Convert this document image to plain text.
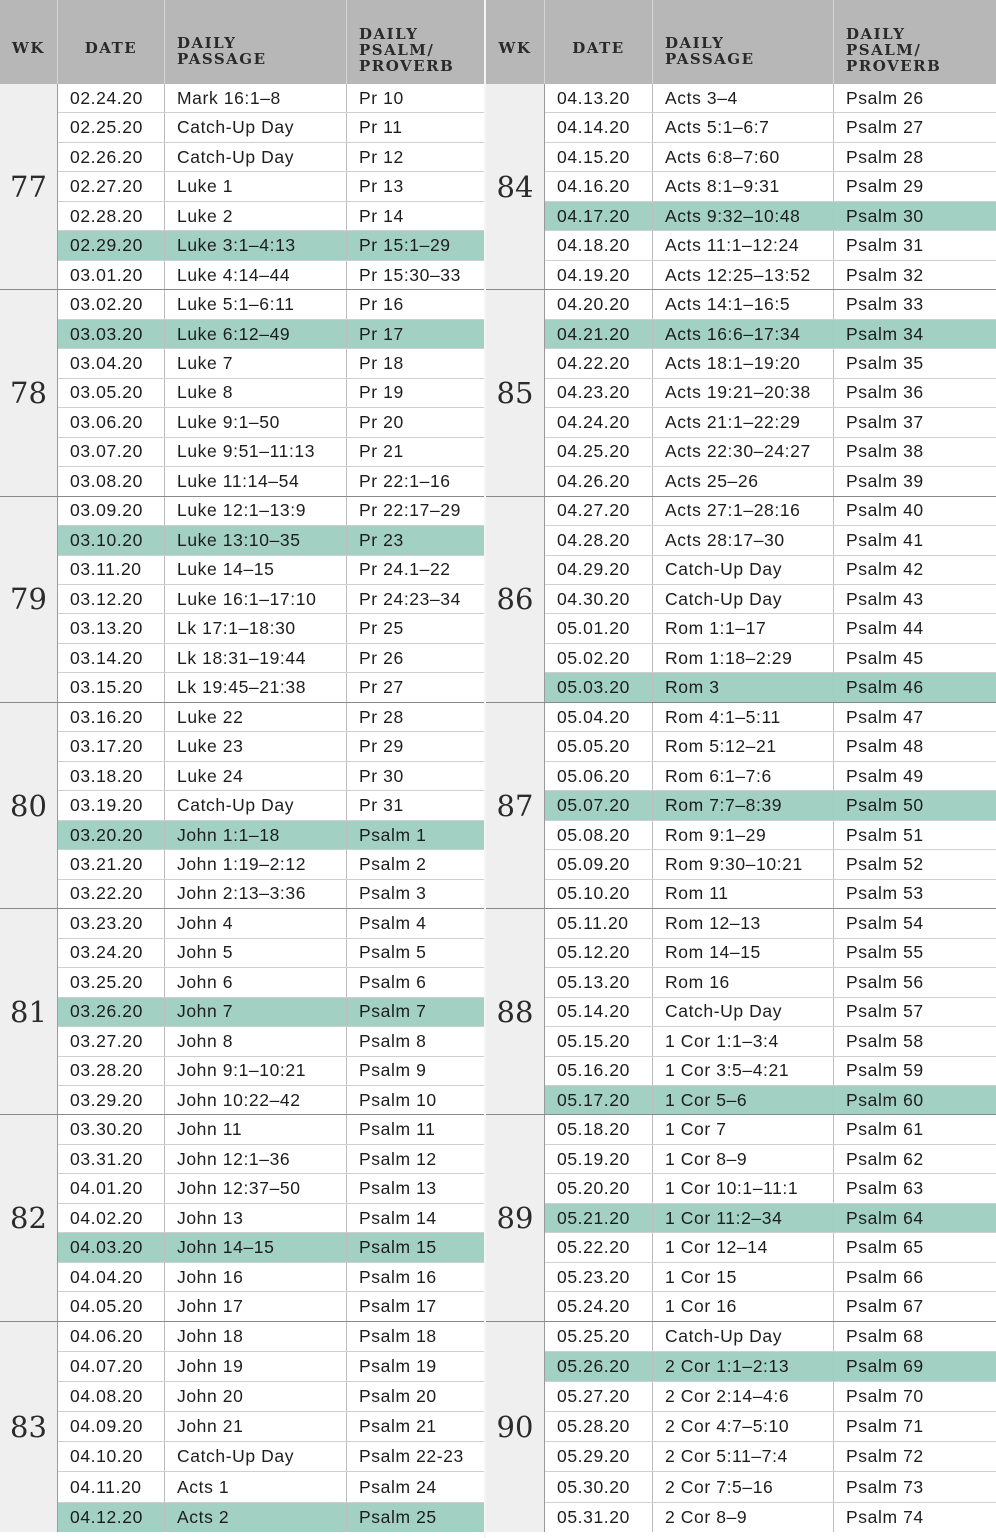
WK	DATE	DAILY
PASSAGE
DAILY
PSALM/
PROVERB
77
02.24.20	Mark 16:1–8	Pr 10
02.25.20	Catch-Up Day	Pr 11
02.26.20	Catch-Up Day	Pr 12
02.27.20	Luke 1	Pr 13
02.28.20	Luke 2	Pr 14
02.29.20	Luke 3:1–4:13	Pr 15:1–29
03.01.20	Luke 4:14–44	Pr 15:30–33
78
03.02.20	Luke 5:1–6:11	Pr 16
03.03.20	Luke 6:12–49	Pr 17
03.04.20	Luke 7	Pr 18
03.05.20	Luke 8	Pr 19
03.06.20	Luke 9:1–50	Pr 20
03.07.20	Luke 9:51–11:13	Pr 21
03.08.20	Luke 11:14–54	Pr 22:1–16
79
03.09.20	Luke 12:1–13:9	Pr 22:17–29
03.10.20	Luke 13:10–35	Pr 23
03.11.20	Luke 14–15	Pr 24.1–22
03.12.20	Luke 16:1–17:10	Pr 24:23–34
03.13.20	Lk 17:1–18:30	Pr 25
03.14.20	Lk 18:31–19:44	Pr 26
03.15.20	Lk 19:45–21:38	Pr 27
80
03.16.20	Luke 22	Pr 28
03.17.20	Luke 23	Pr 29
03.18.20	Luke 24	Pr 30
03.19.20	Catch-Up Day	Pr 31
03.20.20	John 1:1–18	Psalm 1
03.21.20	John 1:19–2:12	Psalm 2
03.22.20	John 2:13–3:36	Psalm 3
81
03.23.20	John 4	Psalm 4
03.24.20	John 5	Psalm 5
03.25.20	John 6	Psalm 6
03.26.20	John 7	Psalm 7
03.27.20	John 8	Psalm 8
03.28.20	John 9:1–10:21	Psalm 9
03.29.20	John 10:22–42	Psalm 10
82
03.30.20	John 11	Psalm 11
03.31.20	John 12:1–36	Psalm 12
04.01.20	John 12:37–50	Psalm 13
04.02.20	John 13	Psalm 14
04.03.20	John 14–15	Psalm 15
04.04.20	John 16	Psalm 16
04.05.20	John 17	Psalm 17
83
04.06.20	John 18	Psalm 18
04.07.20	John 19	Psalm 19
04.08.20	John 20	Psalm 20
04.09.20	John 21	Psalm 21
04.10.20	Catch-Up Day	Psalm 22-23
04.11.20	Acts 1	Psalm 24
04.12.20	Acts 2	Psalm 25
WK	DATE	DAILY
PASSAGE
DAILY
PSALM/
PROVERB
84
04.13.20	Acts 3–4	Psalm 26
04.14.20	Acts 5:1–6:7	Psalm 27
04.15.20	Acts 6:8–7:60	Psalm 28
04.16.20	Acts 8:1–9:31	Psalm 29
04.17.20	Acts 9:32–10:48	Psalm 30
04.18.20	Acts 11:1–12:24	Psalm 31
04.19.20	Acts 12:25–13:52	Psalm 32
85
04.20.20	Acts 14:1–16:5	Psalm 33
04.21.20	Acts 16:6–17:34	Psalm 34
04.22.20	Acts 18:1–19:20	Psalm 35
04.23.20	Acts 19:21–20:38	Psalm 36
04.24.20	Acts 21:1–22:29	Psalm 37
04.25.20	Acts 22:30–24:27	Psalm 38
04.26.20	Acts 25–26	Psalm 39
86
04.27.20	Acts 27:1–28:16	Psalm 40
04.28.20	Acts 28:17–30	Psalm 41
04.29.20	Catch-Up Day	Psalm 42
04.30.20	Catch-Up Day	Psalm 43
05.01.20	Rom 1:1–17	Psalm 44
05.02.20	Rom 1:18–2:29	Psalm 45
05.03.20	Rom 3	Psalm 46
87
05.04.20	Rom 4:1–5:11	Psalm 47
05.05.20	Rom 5:12–21	Psalm 48
05.06.20	Rom 6:1–7:6	Psalm 49
05.07.20	Rom 7:7–8:39	Psalm 50
05.08.20	Rom 9:1–29	Psalm 51
05.09.20	Rom 9:30–10:21	Psalm 52
05.10.20	Rom 11	Psalm 53
88
05.11.20	Rom 12–13	Psalm 54
05.12.20	Rom 14–15	Psalm 55
05.13.20	Rom 16	Psalm 56
05.14.20	Catch-Up Day	Psalm 57
05.15.20	1 Cor 1:1–3:4	Psalm 58
05.16.20	1 Cor 3:5–4:21	Psalm 59
05.17.20	1 Cor 5–6	Psalm 60
89
05.18.20	1 Cor 7	Psalm 61
05.19.20	1 Cor 8–9	Psalm 62
05.20.20	1 Cor 10:1–11:1	Psalm 63
05.21.20	1 Cor 11:2–34	Psalm 64
05.22.20	1 Cor 12–14	Psalm 65
05.23.20	1 Cor 15	Psalm 66
05.24.20	1 Cor 16	Psalm 67
90
05.25.20	Catch-Up Day	Psalm 68
05.26.20	2 Cor 1:1–2:13	Psalm 69
05.27.20	2 Cor 2:14–4:6	Psalm 70
05.28.20	2 Cor 4:7–5:10	Psalm 71
05.29.20	2 Cor 5:11–7:4	Psalm 72
05.30.20	2 Cor 7:5–16	Psalm 73
05.31.20	2 Cor 8–9	Psalm 74
